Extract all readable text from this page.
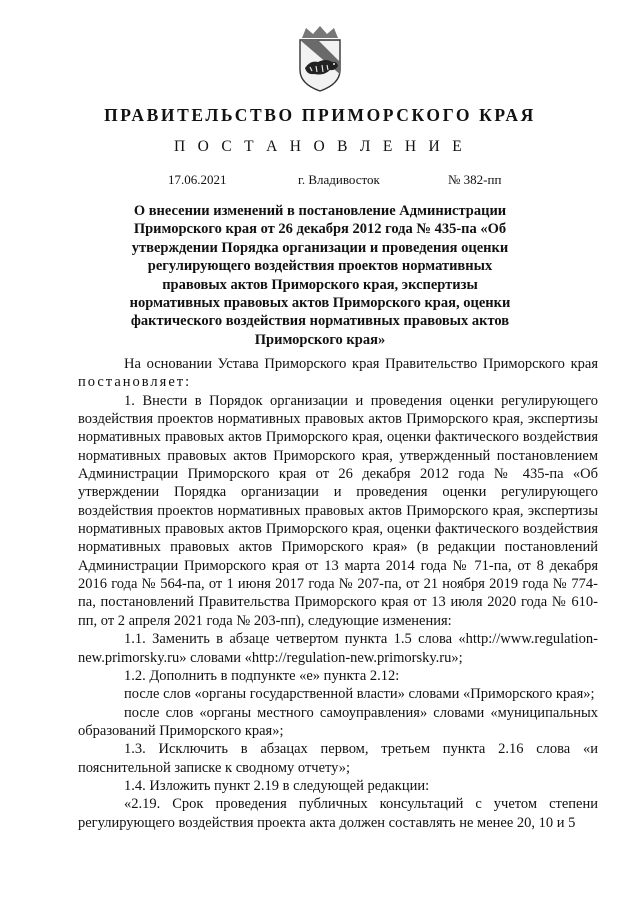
ПРАВИТЕЛЬСТВО ПРИМОРСКОГО КРАЯ
П О С Т А Н О В Л Е Н И Е
17.06.2021	г. Владивосток	№ 382-пп
О внесении изменений в постановление Администрации Приморского края от 26 декабря 2012 года № 435-па «Об утверждении Порядка организации и проведения оценки регулирующего воздействия проектов нормативных правовых актов Приморского края, экспертизы нормативных правовых актов Приморского края, оценки фактического воздействия нормативных правовых актов Приморского края»

На основании Устава Приморского края Правительство Приморского края постановляет:

1. Внести в Порядок организации и проведения оценки регулирующего воздействия проектов нормативных правовых актов Приморского края, экспертизы нормативных правовых актов Приморского края, оценки фактического воздействия нормативных правовых актов Приморского края, утвержденный постановлением Администрации Приморского края от 26 декабря 2012 года № 435-па «Об утверждении Порядка организации и проведения оценки регулирующего воздействия проектов нормативных правовых актов Приморского края, экспертизы нормативных правовых актов Приморского края, оценки фактического воздействия нормативных правовых актов Приморского края» (в редакции постановлений Администрации Приморского края от 13 марта 2014 года № 71-па, от 8 декабря 2016 года № 564-па, от 1 июня 2017 года № 207-па, от 21 ноября 2019 года № 774-па, постановлений Правительства Приморского края от 13 июля 2020 года № 610-пп, от 2 апреля 2021 года № 203-пп), следующие изменения:

1.1. Заменить в абзаце четвертом пункта 1.5 слова «http://www.regulation-new.primorsky.ru» словами «http://regulation-new.primorsky.ru»;

1.2. Дополнить в подпункте «е» пункта 2.12:

после слов «органы государственной власти» словами «Приморского края»;

после слов «органы местного самоуправления» словами «муниципальных образований Приморского края»;

1.3. Исключить в абзацах первом, третьем пункта 2.16 слова «и пояснительной записке к сводному отчету»;

1.4. Изложить пункт 2.19 в следующей редакции:

«2.19. Срок проведения публичных консультаций с учетом степени регулирующего воздействия проекта акта должен составлять не менее 20, 10 и 5
